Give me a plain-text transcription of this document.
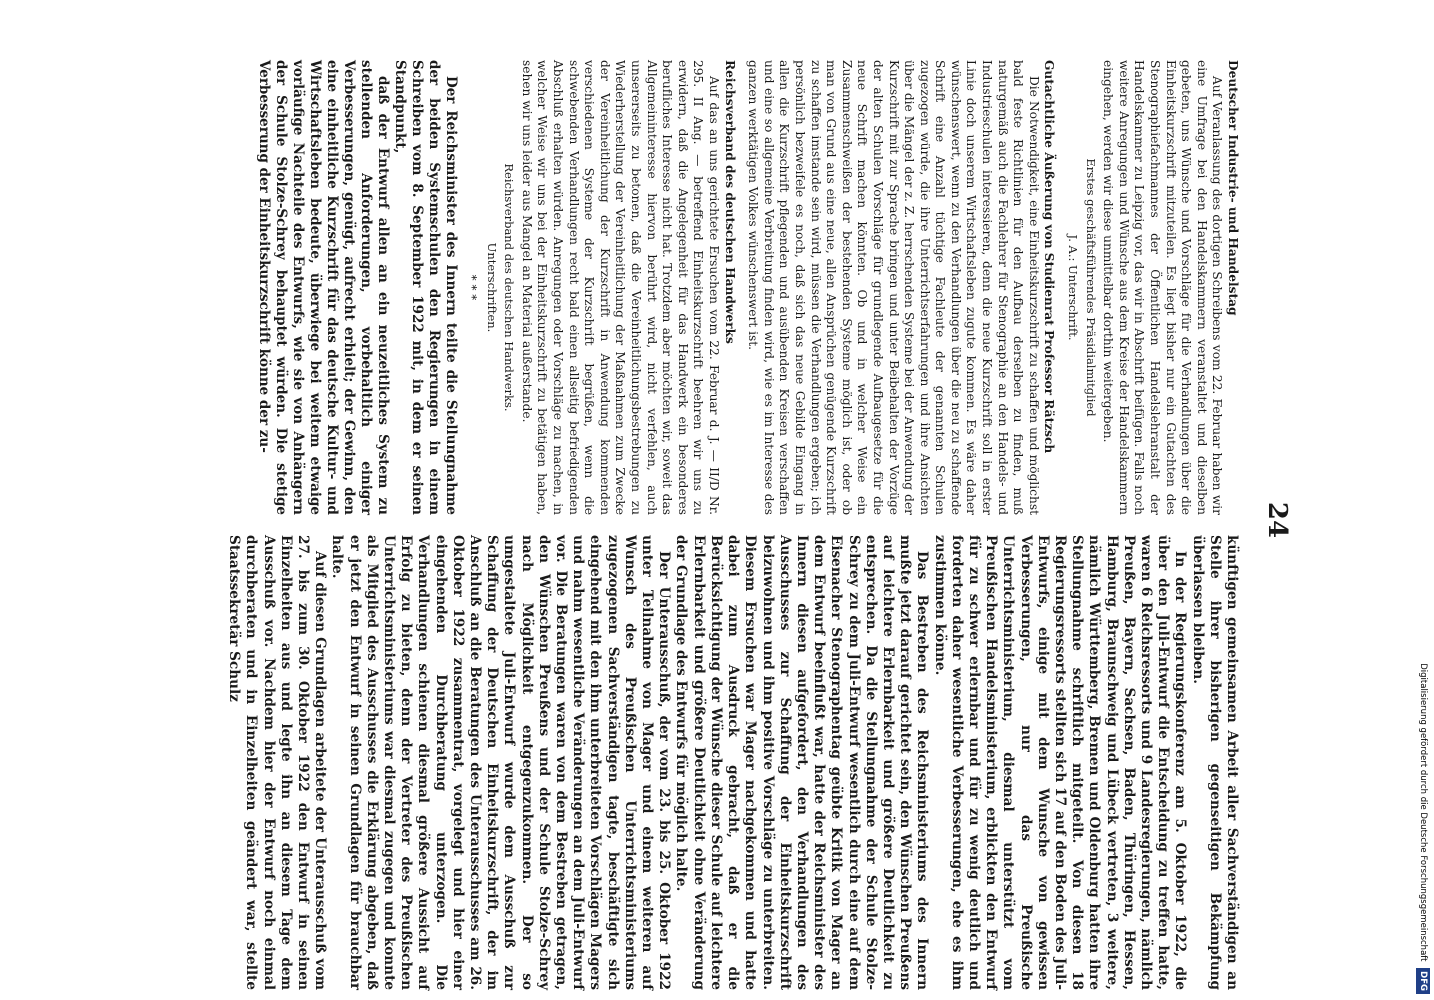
24

Deutscher Industrie- und Handelstag

Auf Veranlassung des dortigen Schreibens vom 22. Februar haben wir eine Umfrage bei den Handelskammern veranstaltet und dieselben gebeten, uns Wünsche und Vorschläge für die Verhandlungen über die Einheitskurzschrift mitzuteilen. Es liegt bisher nur ein Gutachten des Stenographiefachmannes der Öffentlichen Handelslehranstalt der Handelskammer zu Leipzig vor, das wir in Abschrift beifügen. Falls noch weitere Anregungen und Wünsche aus dem Kreise der Handelskammern eingehen, werden wir diese unmittelbar dorthin weitergeben.

Erstes geschäftsführendes Präsidialmitglied

J. A.: Unterschrift.

Gutachtliche Äußerung von Studienrat Professor Rätzsch

Die Notwendigkeit, eine Einheitskurzschrift zu schaffen und möglichst bald feste Richtlinien für den Aufbau derselben zu finden, muß naturgemäß auch die Fachlehrer für Stenographie an den Handels- und Industrieschulen interessieren, denn die neue Kurzschrift soll in erster Linie doch unserem Wirtschaftsleben zugute kommen. Es wäre daher wünschenswert, wenn zu den Verhandlungen über die neu zu schaffende Schrift eine Anzahl tüchtige Fachleute der genannten Schulen zugezogen würde, die ihre Unterrichtserfahrungen und ihre Ansichten über die Mängel der z. Z. herrschenden Systeme bei der Anwendung der Kurzschrift mit zur Sprache bringen und unter Beibehalten der Vorzüge der alten Schulen Vorschläge für grundlegende Aufbaugesetze für die neue Schrift machen könnten. Ob und in welcher Weise ein Zusammenschweißen der bestehenden Systeme möglich ist, oder ob man von Grund aus eine neue, allen Ansprüchen genügende Kurzschrift zu schaffen imstande sein wird, müssen die Verhandlungen ergeben; ich persönlich bezweifele es noch, daß sich das neue Gebilde Eingang in allen die Kurzschrift pflegenden und ausübenden Kreisen verschaffen und eine so allgemeine Verbreitung finden wird, wie es im Interesse des ganzen werktätigen Volkes wünschenswert ist.

Reichsverband des deutschen Handwerks

Auf das an uns gerichtete Ersuchen vom 22. Februar d. J. — II/D Nr. 295. II Ang. — betreffend Einheitskurzschrift beehren wir uns zu erwidern, daß die Angelegenheit für das Handwerk ein besonderes berufliches Interesse nicht hat. Trotzdem aber möchten wir, soweit das Allgemeininteresse hiervon berührt wird, nicht verfehlen, auch unsererseits zu betonen, daß die Vereinheitlichungsbestrebungen zu Wiederherstellung der Vereinheitlichung der Maßnahmen zum Zwecke der Vereinheitlichung der Kurzschrift in Anwendung kommenden verschiedenen Systeme der Kurzschrift begrüßen, wenn die schwebenden Verhandlungen recht bald einen allseitig befriedigenden Abschluß erhalten würden. Anregungen oder Vorschläge zu machen, in welcher Weise wir uns bei der Einheitskurzschrift zu betätigen haben, sehen wir uns leider aus Mangel an Material außerstande.

Reichsverband des deutschen Handwerks.

Unterschriften.

* * *

Der Reichsminister des Innern teilte die Stellungnahme der beiden Systemschulen den Regierungen in einem Schreiben vom 8. September 1922 mit, in dem er seinen Standpunkt,

daß der Entwurf allen an ein neuzeitliches System zu stellenden Anforderungen, vorbehaltlich einiger Verbesserungen, genügt, aufrecht erhielt; der Gewinn, den eine einheitliche Kurzschrift für das deutsche Kultur- und Wirtschaftsleben bedeute, überwiege bei weitem etwaige vorläufige Nachteile des Entwurfs, wie sie von Anhängern der Schule Stolze-Schrey behauptet würden. Die stetige Verbesserung der Einheitskurzschrift könne der zu-

künftigen gemeinsamen Arbeit aller Sachverständigen an Stelle ihrer bisherigen gegenseitigen Bekämpfung überlassen bleiben.

In der Regierungskonferenz am 5. Oktober 1922, die über den Juli-Entwurf die Entscheidung zu treffen hatte, waren 6 Reichsressorts und 9 Landesregierungen, nämlich Preußen, Bayern, Sachsen, Baden, Thüringen, Hessen, Hamburg, Braunschweig und Lübeck vertreten, 3 weitere, nämlich Württemberg, Bremen und Oldenburg hatten ihre Stellungnahme schriftlich mitgeteilt. Von diesen 18 Regierungsressorts stellten sich 17 auf den Boden des Juli-Entwurfs, einige mit dem Wunsche von gewissen Verbesserungen, nur das Preußische Unterrichtsministerium, diesmal unterstützt vom Preußischen Handelsministerium, erblickten den Entwurf für zu schwer erlernbar und für zu wenig deutlich und forderten daher wesentliche Verbesserungen, ehe es ihm zustimmen könne.

Das Bestreben des Reichsministeriums des Innern mußte jetzt darauf gerichtet sein, den Wünschen Preußens auf leichtere Erlernbarkeit und größere Deutlichkeit zu entsprechen. Da die Stellungnahme der Schule Stolze-Schrey zu dem Juli-Entwurf wesentlich durch eine auf dem Eisenacher Stenographentag geübte Kritik von Mager an dem Entwurf beeinflußt war, hatte der Reichsminister des Innern diesen aufgefordert, den Verhandlungen des Ausschusses zur Schaffung der Einheitskurzschrift beizuwohnen und ihm positive Vorschläge zu unterbreiten. Diesem Ersuchen war Mager nachgekommen und hatte dabei zum Ausdruck gebracht, daß er die Berücksichtigung der Wünsche dieser Schule auf leichtere Erlernbarkeit und größere Deutlichkeit ohne Veränderung der Grundlage des Entwurfs für möglich halte.

Der Unterausschuß, der vom 23. bis 25. Oktober 1922 unter Teilnahme von Mager und einem weiteren auf Wunsch des Preußischen Unterrichtsministeriums zugezogenen Sachverständigen tagte, beschäftigte sich eingehend mit den ihm unterbreiteten Vorschlägen Magers und nahm wesentliche Veränderungen an dem Juli-Entwurf vor. Die Beratungen waren von dem Bestreben getragen, den Wünschen Preußens und der Schule Stolze-Schrey nach Möglichkeit entgegenzukommen. Der so umgestaltete Juli-Entwurf wurde dem Ausschuß zur Schaffung der Deutschen Einheitskurzschrift, der im Anschluß an die Beratungen des Unterausschusses am 26. Oktober 1922 zusammentrat, vorgelegt und hier einer eingehenden Durchberatung unterzogen. Die Verhandlungen schienen diesmal größere Aussicht auf Erfolg zu bieten, denn der Vertreter des Preußischen Unterrichtsministeriums war diesmal zugegen und konnte als Mitglied des Ausschusses die Erklärung abgeben, daß er jetzt den Entwurf in seinen Grundlagen für brauchbar halte.

Auf diesen Grundlagen arbeitete der Unterausschuß vom 27. bis zum 30. Oktober 1922 den Entwurf in seinen Einzelheiten aus und legte ihn an diesem Tage dem Ausschuß vor. Nachdem hier der Entwurf noch einmal durchberaten und in Einzelheiten geändert war, stellte Staatssekretär Schulz

Digitalisierung gefördert durch die Deutsche Forschungsgemeinschaft DFG
